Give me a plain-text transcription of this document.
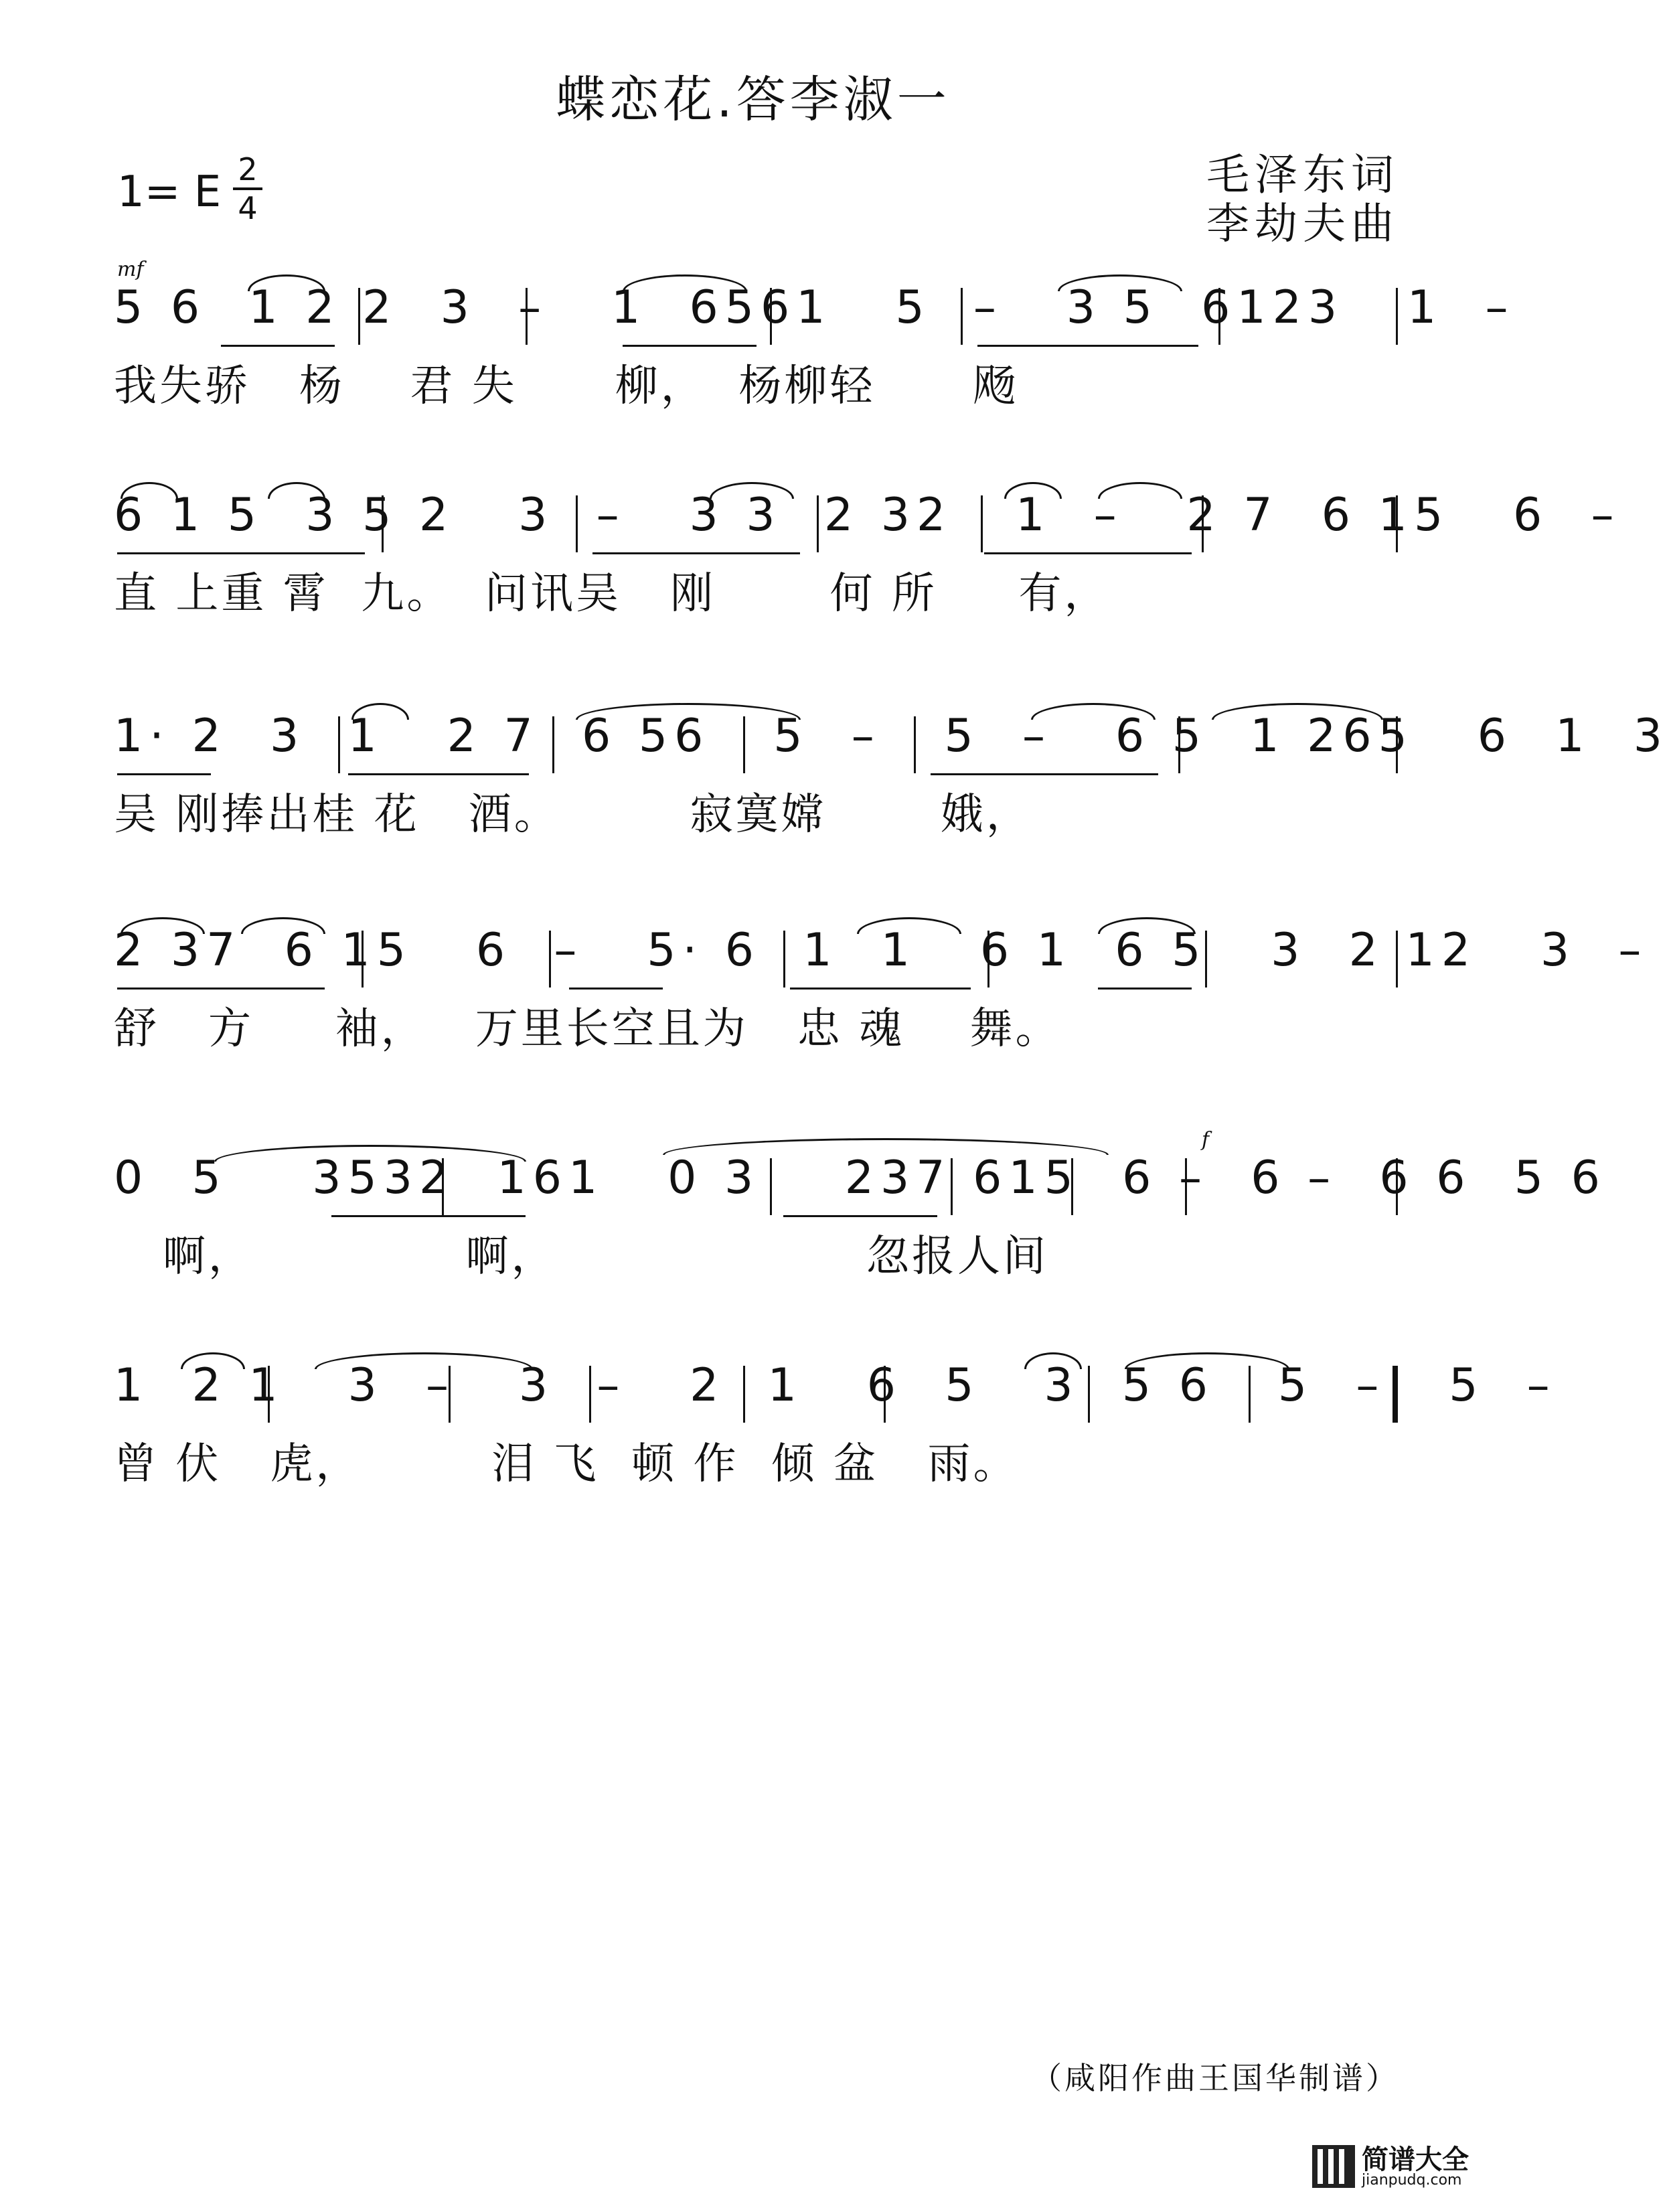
蝶恋花.答李淑一
1= E 2
4
毛泽东词
李劫夫曲
mf
5 6  1 2 2  3  –   1  6561   5  –   3 5  6123   1  –
我失骄   杨    君 失      柳，  杨柳轻      飏
6 1 5  3 5 2   3  –   3 3  2 32   1  –   2 7  6 15   6  –
直 上重 霄  九。  问讯吴   刚       何 所     有，
1· 2  3  1   2 7  6 56   5  –   5  –   6 5  1 265   6  1  3
吴 刚捧出桂 花   酒。        寂寞嫦       娥，
2 37  6 15   6  –   5· 6  1  1   6 1  6 5   3  2 12   3  –
舒   方     袖，   万里长空且为   忠 魂    舞。
f
0  5    3532  161   0 3    237 615  6 –  6 –  6 6  5 6
啊，             啊，                   忽报人间
1  2 1   3  –   3  –   2  1   6  5   3  5 6   5  –   5  –
曾 伏   虎，        泪 飞  顿 作  倾 盆   雨。
（咸阳作曲王国华制谱）
简谱大全
jianpudq.com
